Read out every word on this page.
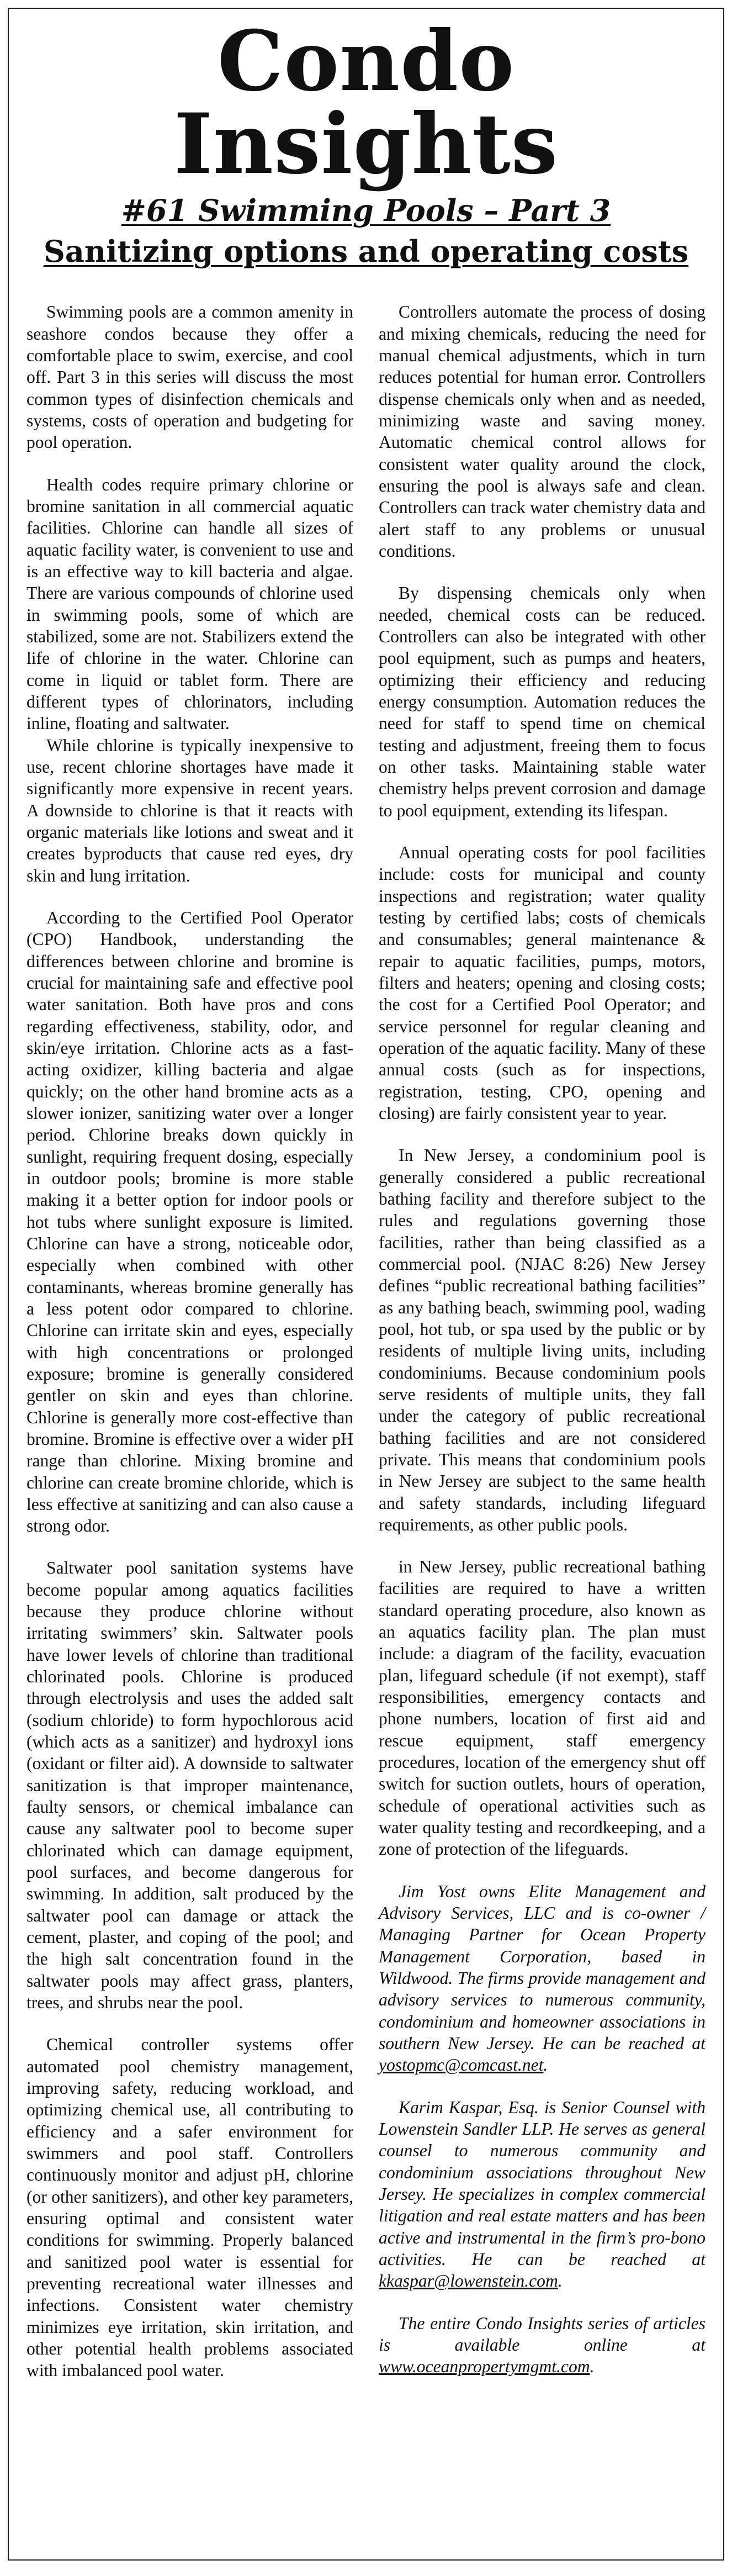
Condo Insights
#61 Swimming Pools – Part 3
Sanitizing options and operating costs

Swimming pools are a common amenity in seashore condos because they offer a comfortable place to swim, exercise, and cool off. Part 3 in this series will discuss the most common types of disinfection chemicals and systems, costs of operation and budgeting for pool operation.

Health codes require primary chlorine or bromine sanitation in all commercial aquatic facilities. Chlorine can handle all sizes of aquatic facility water, is convenient to use and is an effective way to kill bacteria and algae. There are various compounds of chlorine used in swimming pools, some of which are stabilized, some are not. Stabilizers extend the life of chlorine in the water. Chlorine can come in liquid or tablet form. There are different types of chlorinators, including inline, floating and saltwater.

While chlorine is typically inexpensive to use, recent chlorine shortages have made it significantly more expensive in recent years. A downside to chlorine is that it reacts with organic materials like lotions and sweat and it creates byproducts that cause red eyes, dry skin and lung irritation.

According to the Certified Pool Operator (CPO) Handbook, understanding the differences between chlorine and bromine is crucial for maintaining safe and effective pool water sanitation. Both have pros and cons regarding effectiveness, stability, odor, and skin/eye irritation. Chlorine acts as a fast-acting oxidizer, killing bacteria and algae quickly; on the other hand bromine acts as a slower ionizer, sanitizing water over a longer period. Chlorine breaks down quickly in sunlight, requiring frequent dosing, especially in outdoor pools; bromine is more stable making it a better option for indoor pools or hot tubs where sunlight exposure is limited. Chlorine can have a strong, noticeable odor, especially when combined with other contaminants, whereas bromine generally has a less potent odor compared to chlorine. Chlorine can irritate skin and eyes, especially with high concentrations or prolonged exposure; bromine is generally considered gentler on skin and eyes than chlorine. Chlorine is generally more cost-effective than bromine. Bromine is effective over a wider pH range than chlorine. Mixing bromine and chlorine can create bromine chloride, which is less effective at sanitizing and can also cause a strong odor.

Saltwater pool sanitation systems have become popular among aquatics facilities because they produce chlorine without irritating swimmers’ skin. Saltwater pools have lower levels of chlorine than traditional chlorinated pools. Chlorine is produced through electrolysis and uses the added salt (sodium chloride) to form hypochlorous acid (which acts as a sanitizer) and hydroxyl ions (oxidant or filter aid). A downside to saltwater sanitization is that improper maintenance, faulty sensors, or chemical imbalance can cause any saltwater pool to become super chlorinated which can damage equipment, pool surfaces, and become dangerous for swimming. In addition, salt produced by the saltwater pool can damage or attack the cement, plaster, and coping of the pool; and the high salt concentration found in the saltwater pools may affect grass, planters, trees, and shrubs near the pool.

Chemical controller systems offer automated pool chemistry management, improving safety, reducing workload, and optimizing chemical use, all contributing to efficiency and a safer environment for swimmers and pool staff. Controllers continuously monitor and adjust pH, chlorine (or other sanitizers), and other key parameters, ensuring optimal and consistent water conditions for swimming. Properly balanced and sanitized pool water is essential for preventing recreational water illnesses and infections. Consistent water chemistry minimizes eye irritation, skin irritation, and other potential health problems associated with imbalanced pool water.

Controllers automate the process of dosing and mixing chemicals, reducing the need for manual chemical adjustments, which in turn reduces potential for human error. Controllers dispense chemicals only when and as needed, minimizing waste and saving money. Automatic chemical control allows for consistent water quality around the clock, ensuring the pool is always safe and clean. Controllers can track water chemistry data and alert staff to any problems or unusual conditions.

By dispensing chemicals only when needed, chemical costs can be reduced. Controllers can also be integrated with other pool equipment, such as pumps and heaters, optimizing their efficiency and reducing energy consumption. Automation reduces the need for staff to spend time on chemical testing and adjustment, freeing them to focus on other tasks. Maintaining stable water chemistry helps prevent corrosion and damage to pool equipment, extending its lifespan.

Annual operating costs for pool facilities include: costs for municipal and county inspections and registration; water quality testing by certified labs; costs of chemicals and consumables; general maintenance & repair to aquatic facilities, pumps, motors, filters and heaters; opening and closing costs; the cost for a Certified Pool Operator; and service personnel for regular cleaning and operation of the aquatic facility. Many of these annual costs (such as for inspections, registration, testing, CPO, opening and closing) are fairly consistent year to year.

In New Jersey, a condominium pool is generally considered a public recreational bathing facility and therefore subject to the rules and regulations governing those facilities, rather than being classified as a commercial pool. (NJAC 8:26) New Jersey defines “public recreational bathing facilities” as any bathing beach, swimming pool, wading pool, hot tub, or spa used by the public or by residents of multiple living units, including condominiums. Because condominium pools serve residents of multiple units, they fall under the category of public recreational bathing facilities and are not considered private. This means that condominium pools in New Jersey are subject to the same health and safety standards, including lifeguard requirements, as other public pools.

in New Jersey, public recreational bathing facilities are required to have a written standard operating procedure, also known as an aquatics facility plan. The plan must include: a diagram of the facility, evacuation plan, lifeguard schedule (if not exempt), staff responsibilities, emergency contacts and phone numbers, location of first aid and rescue equipment, staff emergency procedures, location of the emergency shut off switch for suction outlets, hours of operation, schedule of operational activities such as water quality testing and recordkeeping, and a zone of protection of the lifeguards.

Jim Yost owns Elite Management and Advisory Services, LLC and is co-owner / Managing Partner for Ocean Property Management Corporation, based in Wildwood. The firms provide management and advisory services to numerous community, condominium and homeowner associations in southern New Jersey. He can be reached at yostopmc@comcast.net.

Karim Kaspar, Esq. is Senior Counsel with Lowenstein Sandler LLP. He serves as general counsel to numerous community and condominium associations throughout New Jersey. He specializes in complex commercial litigation and real estate matters and has been active and instrumental in the firm’s pro-bono activities. He can be reached at kkaspar@lowenstein.com.

The entire Condo Insights series of articles is available online at www.oceanpropertymgmt.com.
